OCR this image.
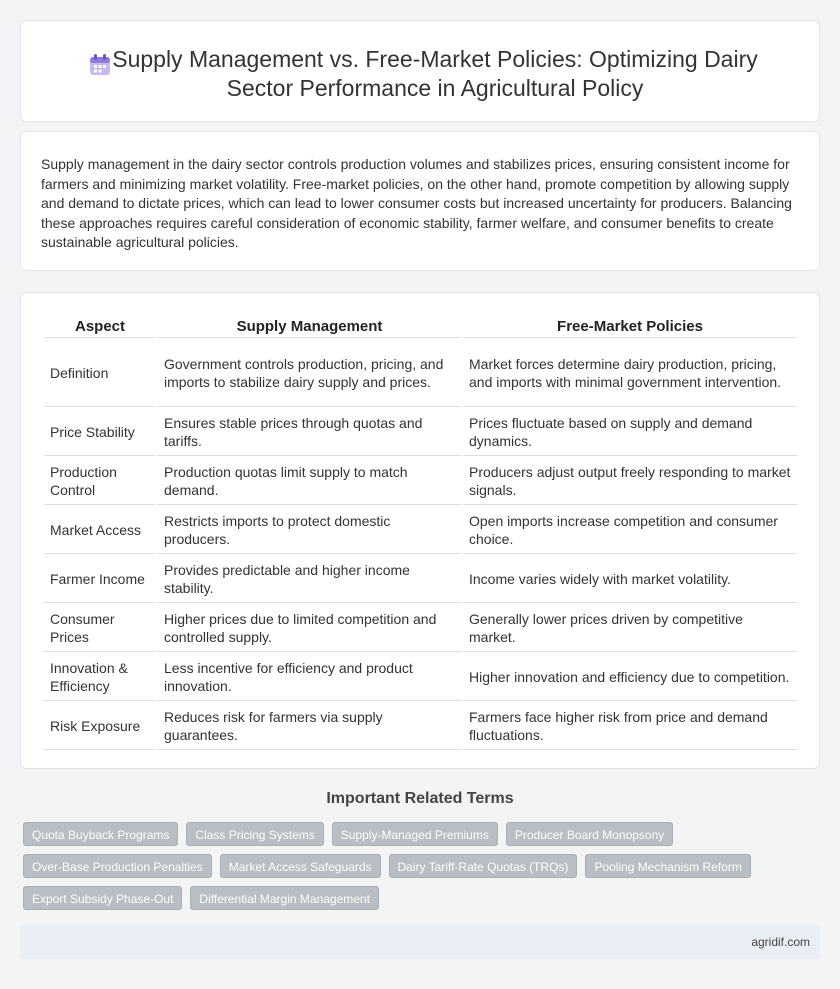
Supply Management vs. Free-Market Policies: Optimizing Dairy Sector Performance in Agricultural Policy

Supply management in the dairy sector controls production volumes and stabilizes prices, ensuring consistent income for farmers and minimizing market volatility. Free-market policies, on the other hand, promote competition by allowing supply and demand to dictate prices, which can lead to lower consumer costs but increased uncertainty for producers. Balancing these approaches requires careful consideration of economic stability, farmer welfare, and consumer benefits to create sustainable agricultural policies.

Aspect	Supply Management	Free-Market Policies
Definition	Government controls production, pricing, and imports to stabilize dairy supply and prices.	Market forces determine dairy production, pricing, and imports with minimal government intervention.
Price Stability	Ensures stable prices through quotas and tariffs.	Prices fluctuate based on supply and demand dynamics.
Production Control	Production quotas limit supply to match demand.	Producers adjust output freely responding to market signals.
Market Access	Restricts imports to protect domestic producers.	Open imports increase competition and consumer choice.
Farmer Income	Provides predictable and higher income stability.	Income varies widely with market volatility.
Consumer Prices	Higher prices due to limited competition and controlled supply.	Generally lower prices driven by competitive market.
Innovation & Efficiency	Less incentive for efficiency and product innovation.	Higher innovation and efficiency due to competition.
Risk Exposure	Reduces risk for farmers via supply guarantees.	Farmers face higher risk from price and demand fluctuations.
Important Related Terms
Quota Buyback Programs	Class Pricing Systems	Supply-Managed Premiums	Producer Board Monopsony
Over-Base Production Penalties	Market Access Safeguards	Dairy Tariff-Rate Quotas (TRQs)	Pooling Mechanism Reform
Export Subsidy Phase-Out	Differential Margin Management
agridif.com
